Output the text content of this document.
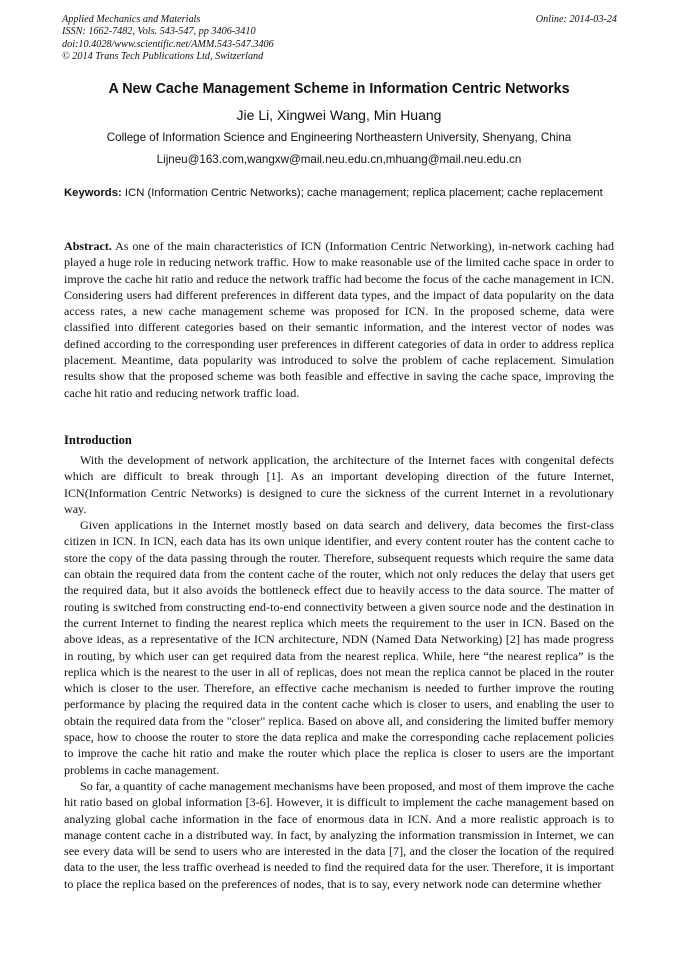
Applied Mechanics and Materials
ISSN: 1662-7482, Vols. 543-547, pp 3406-3410
doi:10.4028/www.scientific.net/AMM.543-547.3406
© 2014 Trans Tech Publications Ltd, Switzerland
Online: 2014-03-24
A New Cache Management Scheme in Information Centric Networks
Jie Li, Xingwei Wang, Min Huang
College of Information Science and Engineering Northeastern University, Shenyang, China
Lijneu@163.com,wangxw@mail.neu.edu.cn,mhuang@mail.neu.edu.cn
Keywords: ICN (Information Centric Networks); cache management; replica placement; cache replacement
Abstract. As one of the main characteristics of ICN (Information Centric Networking), in-network caching had played a huge role in reducing network traffic. How to make reasonable use of the limited cache space in order to improve the cache hit ratio and reduce the network traffic had become the focus of the cache management in ICN. Considering users had different preferences in different data types, and the impact of data popularity on the data access rates, a new cache management scheme was proposed for ICN. In the proposed scheme, data were classified into different categories based on their semantic information, and the interest vector of nodes was defined according to the corresponding user preferences in different categories of data in order to address replica placement. Meantime, data popularity was introduced to solve the problem of cache replacement. Simulation results show that the proposed scheme was both feasible and effective in saving the cache space, improving the cache hit ratio and reducing network traffic load.
Introduction

With the development of network application, the architecture of the Internet faces with congenital defects which are difficult to break through [1]. As an important developing direction of the future Internet, ICN(Information Centric Networks) is designed to cure the sickness of the current Internet in a revolutionary way.

Given applications in the Internet mostly based on data search and delivery, data becomes the first-class citizen in ICN. In ICN, each data has its own unique identifier, and every content router has the content cache to store the copy of the data passing through the router. Therefore, subsequent requests which require the same data can obtain the required data from the content cache of the router, which not only reduces the delay that users get the required data, but it also avoids the bottleneck effect due to heavily access to the data source. The matter of routing is switched from constructing end-to-end connectivity between a given source node and the destination in the current Internet to finding the nearest replica which meets the requirement to the user in ICN. Based on the above ideas, as a representative of the ICN architecture, NDN (Named Data Networking) [2] has made progress in routing, by which user can get required data from the nearest replica. While, here “the nearest replica” is the replica which is the nearest to the user in all of replicas, does not mean the replica cannot be placed in the router which is closer to the user. Therefore, an effective cache mechanism is needed to further improve the routing performance by placing the required data in the content cache which is closer to users, and enabling the user to obtain the required data from the "closer" replica. Based on above all, and considering the limited buffer memory space, how to choose the router to store the data replica and make the corresponding cache replacement policies to improve the cache hit ratio and make the router which place the replica is closer to users are the important problems in cache management.

So far, a quantity of cache management mechanisms have been proposed, and most of them improve the cache hit ratio based on global information [3-6]. However, it is difficult to implement the cache management based on analyzing global cache information in the face of enormous data in ICN. And a more realistic approach is to manage content cache in a distributed way. In fact, by analyzing the information transmission in Internet, we can see every data will be send to users who are interested in the data [7], and the closer the location of the required data to the user, the less traffic overhead is needed to find the required data for the user. Therefore, it is important to place the replica based on the preferences of nodes, that is to say, every network node can determine whether
